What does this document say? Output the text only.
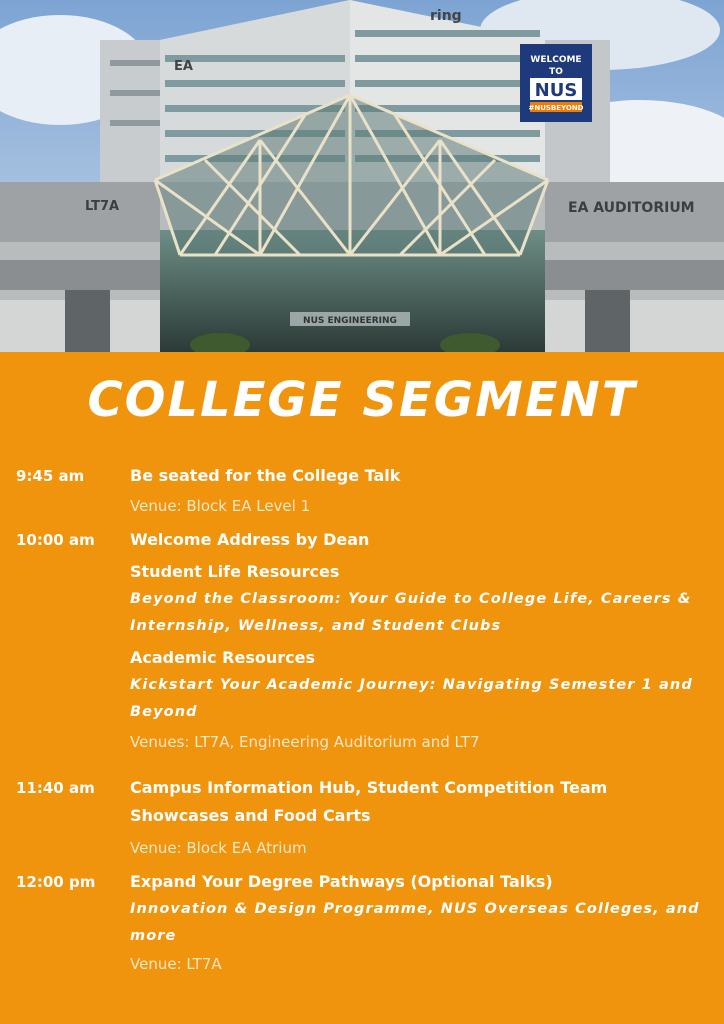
EA
ring
WELCOME
TO
NUS
#NUSBEYOND
LT7A	EA AUDITORIUM
NUS ENGINEERING
COLLEGE SEGMENT
9:45 am	Be seated for the College Talk
Venue: Block EA Level 1
10:00 am Welcome Address by Dean
Student Life Resources
Beyond the Classroom: Your Guide to College Life, Careers & Internship, Wellness, and Student Clubs
Academic Resources
Kickstart Your Academic Journey: Navigating Semester 1 and Beyond
Venues: LT7A, Engineering Auditorium and LT7
11:40 am Campus Information Hub, Student Competition Team Showcases and Food Carts
Venue: Block EA Atrium
12:00 pm Expand Your Degree Pathways (Optional Talks)
Innovation & Design Programme, NUS Overseas Colleges, and more
Venue: LT7A
